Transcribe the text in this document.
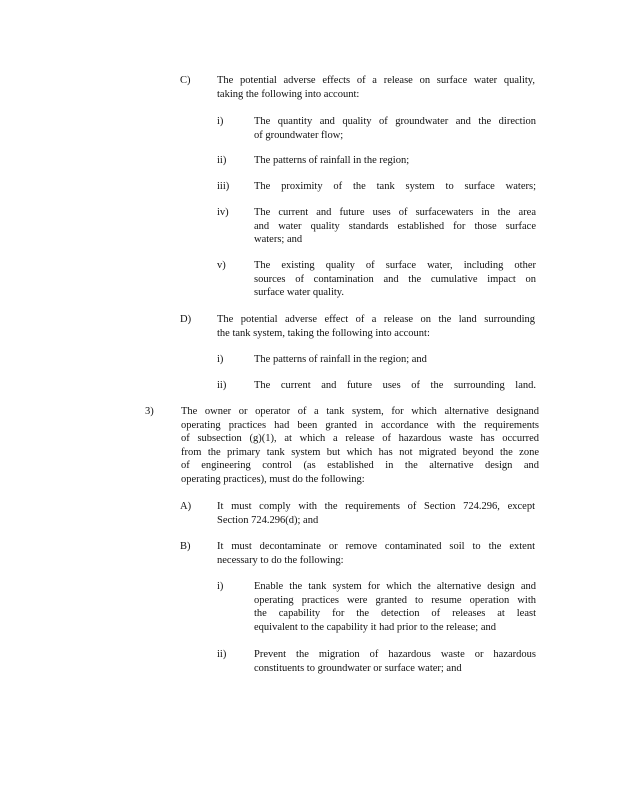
C)	The potential adverse effects of a release on surface water quality,
taking the following into account:
i)	The quantity and quality of groundwater and the direction
of groundwater flow;
ii)	The patterns of rainfall in the region;
iii) The proximity of the tank system to surface waters;
iv) The current and future uses of surfacewaters in the area
and water quality standards established for those surface
waters; and
v)	The existing quality of surface water, including other
sources of contamination and the cumulative impact on
surface water quality.
D) The potential adverse effect of a release on the land surrounding
the tank system, taking the following into account:
i)	The patterns of rainfall in the region; and
ii)	The current and future uses of the surrounding land.
3)	The owner or operator of a tank system, for which alternative designand
operating practices had been granted in accordance with the requirements
of subsection (g)(1), at which a release of hazardous waste has occurred
from the primary tank system but which has not migrated beyond the zone
of engineering control (as established in the alternative design and
operating practices), must do the following:
A) It must comply with the requirements of Section 724.296, except
Section 724.296(d); and
B)	It must decontaminate or remove contaminated soil to the extent
necessary to do the following:
i)	Enable the tank system for which the alternative design and
operating practices were granted to resume operation with
the capability for the detection of releases at least
equivalent to the capability it had prior to the release; and
ii)	Prevent the migration of hazardous waste or hazardous
constituents to groundwater or surface water; and
